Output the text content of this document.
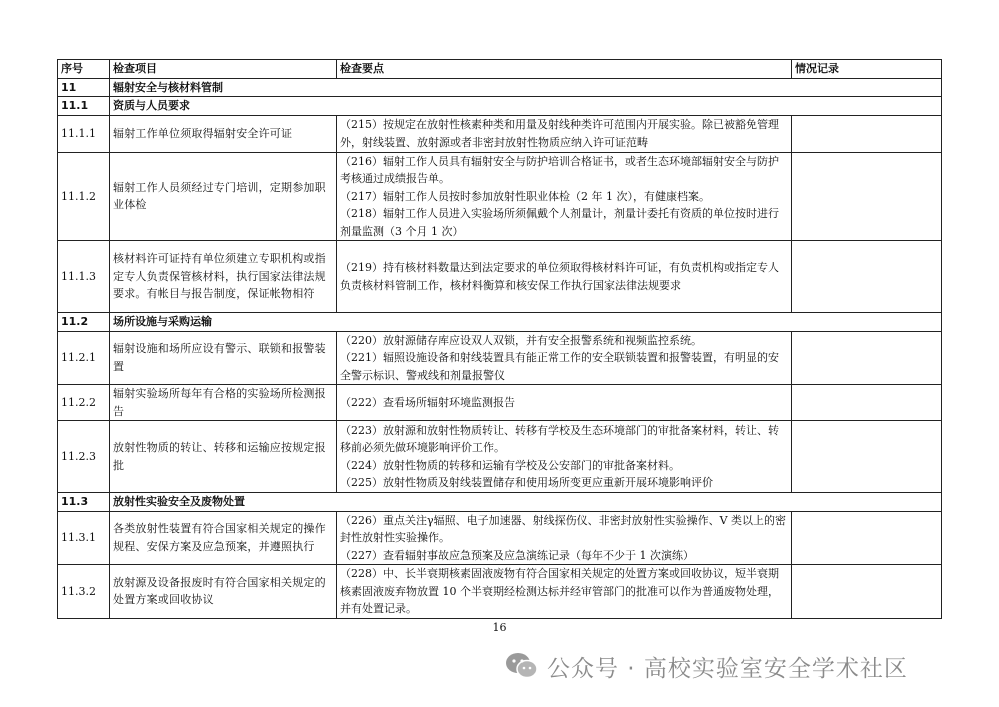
序号	检查项目	检查要点	情况记录
11	辐射安全与核材料管制		
11.1	资质与人员要求		
11.1.1	辐射工作单位须取得辐射安全许可证	（215）按规定在放射性核素种类和用量及射线种类许可范围内开展实验。除已被豁免管理外，射线装置、放射源或者非密封放射性物质应纳入许可证范畴	

11.1.2	辐射工作人员须经过专门培训，定期参加职业体检	（216）辐射工作人员具有辐射安全与防护培训合格证书，或者生态环境部辐射安全与防护考核通过成绩报告单。
（217）辐射工作人员按时参加放射性职业体检（2 年 1 次），有健康档案。
（218）辐射工作人员进入实验场所须佩戴个人剂量计，剂量计委托有资质的单位按时进行剂量监测（3 个月 1 次）	

11.1.3	核材料许可证持有单位须建立专职机构或指定专人负责保管核材料，执行国家法律法规要求。有帐目与报告制度，保证帐物相符	（219）持有核材料数量达到法定要求的单位须取得核材料许可证，有负责机构或指定专人负责核材料管制工作，核材料衡算和核安保工作执行国家法律法规要求	

11.2	场所设施与采购运输		
11.2.1	辐射设施和场所应设有警示、联锁和报警装置	（220）放射源储存库应设双人双锁，并有安全报警系统和视频监控系统。
（221）辐照设施设备和射线装置具有能正常工作的安全联锁装置和报警装置，有明显的安全警示标识、警戒线和剂量报警仪	

11.2.2	辐射实验场所每年有合格的实验场所检测报告	（222）查看场所辐射环境监测报告	

11.2.3	放射性物质的转让、转移和运输应按规定报批	（223）放射源和放射性物质转让、转移有学校及生态环境部门的审批备案材料，转让、转移前必须先做环境影响评价工作。
（224）放射性物质的转移和运输有学校及公安部门的审批备案材料。
（225）放射性物质及射线装置储存和使用场所变更应重新开展环境影响评价	

11.3	放射性实验安全及废物处置		
11.3.1	各类放射性装置有符合国家相关规定的操作规程、安保方案及应急预案，并遵照执行	（226）重点关注γ辐照、电子加速器、射线探伤仪、非密封放射性实验操作、V 类以上的密封性放射性实验操作。
（227）查看辐射事故应急预案及应急演练记录（每年不少于 1 次演练）	

11.3.2	放射源及设备报废时有符合国家相关规定的处置方案或回收协议	（228）中、长半衰期核素固液废物有符合国家相关规定的处置方案或回收协议，短半衰期核素固液废弃物放置 10 个半衰期经检测达标并经审管部门的批准可以作为普通废物处理，并有处置记录。	

16
公众号 · 高校实验室安全学术社区
